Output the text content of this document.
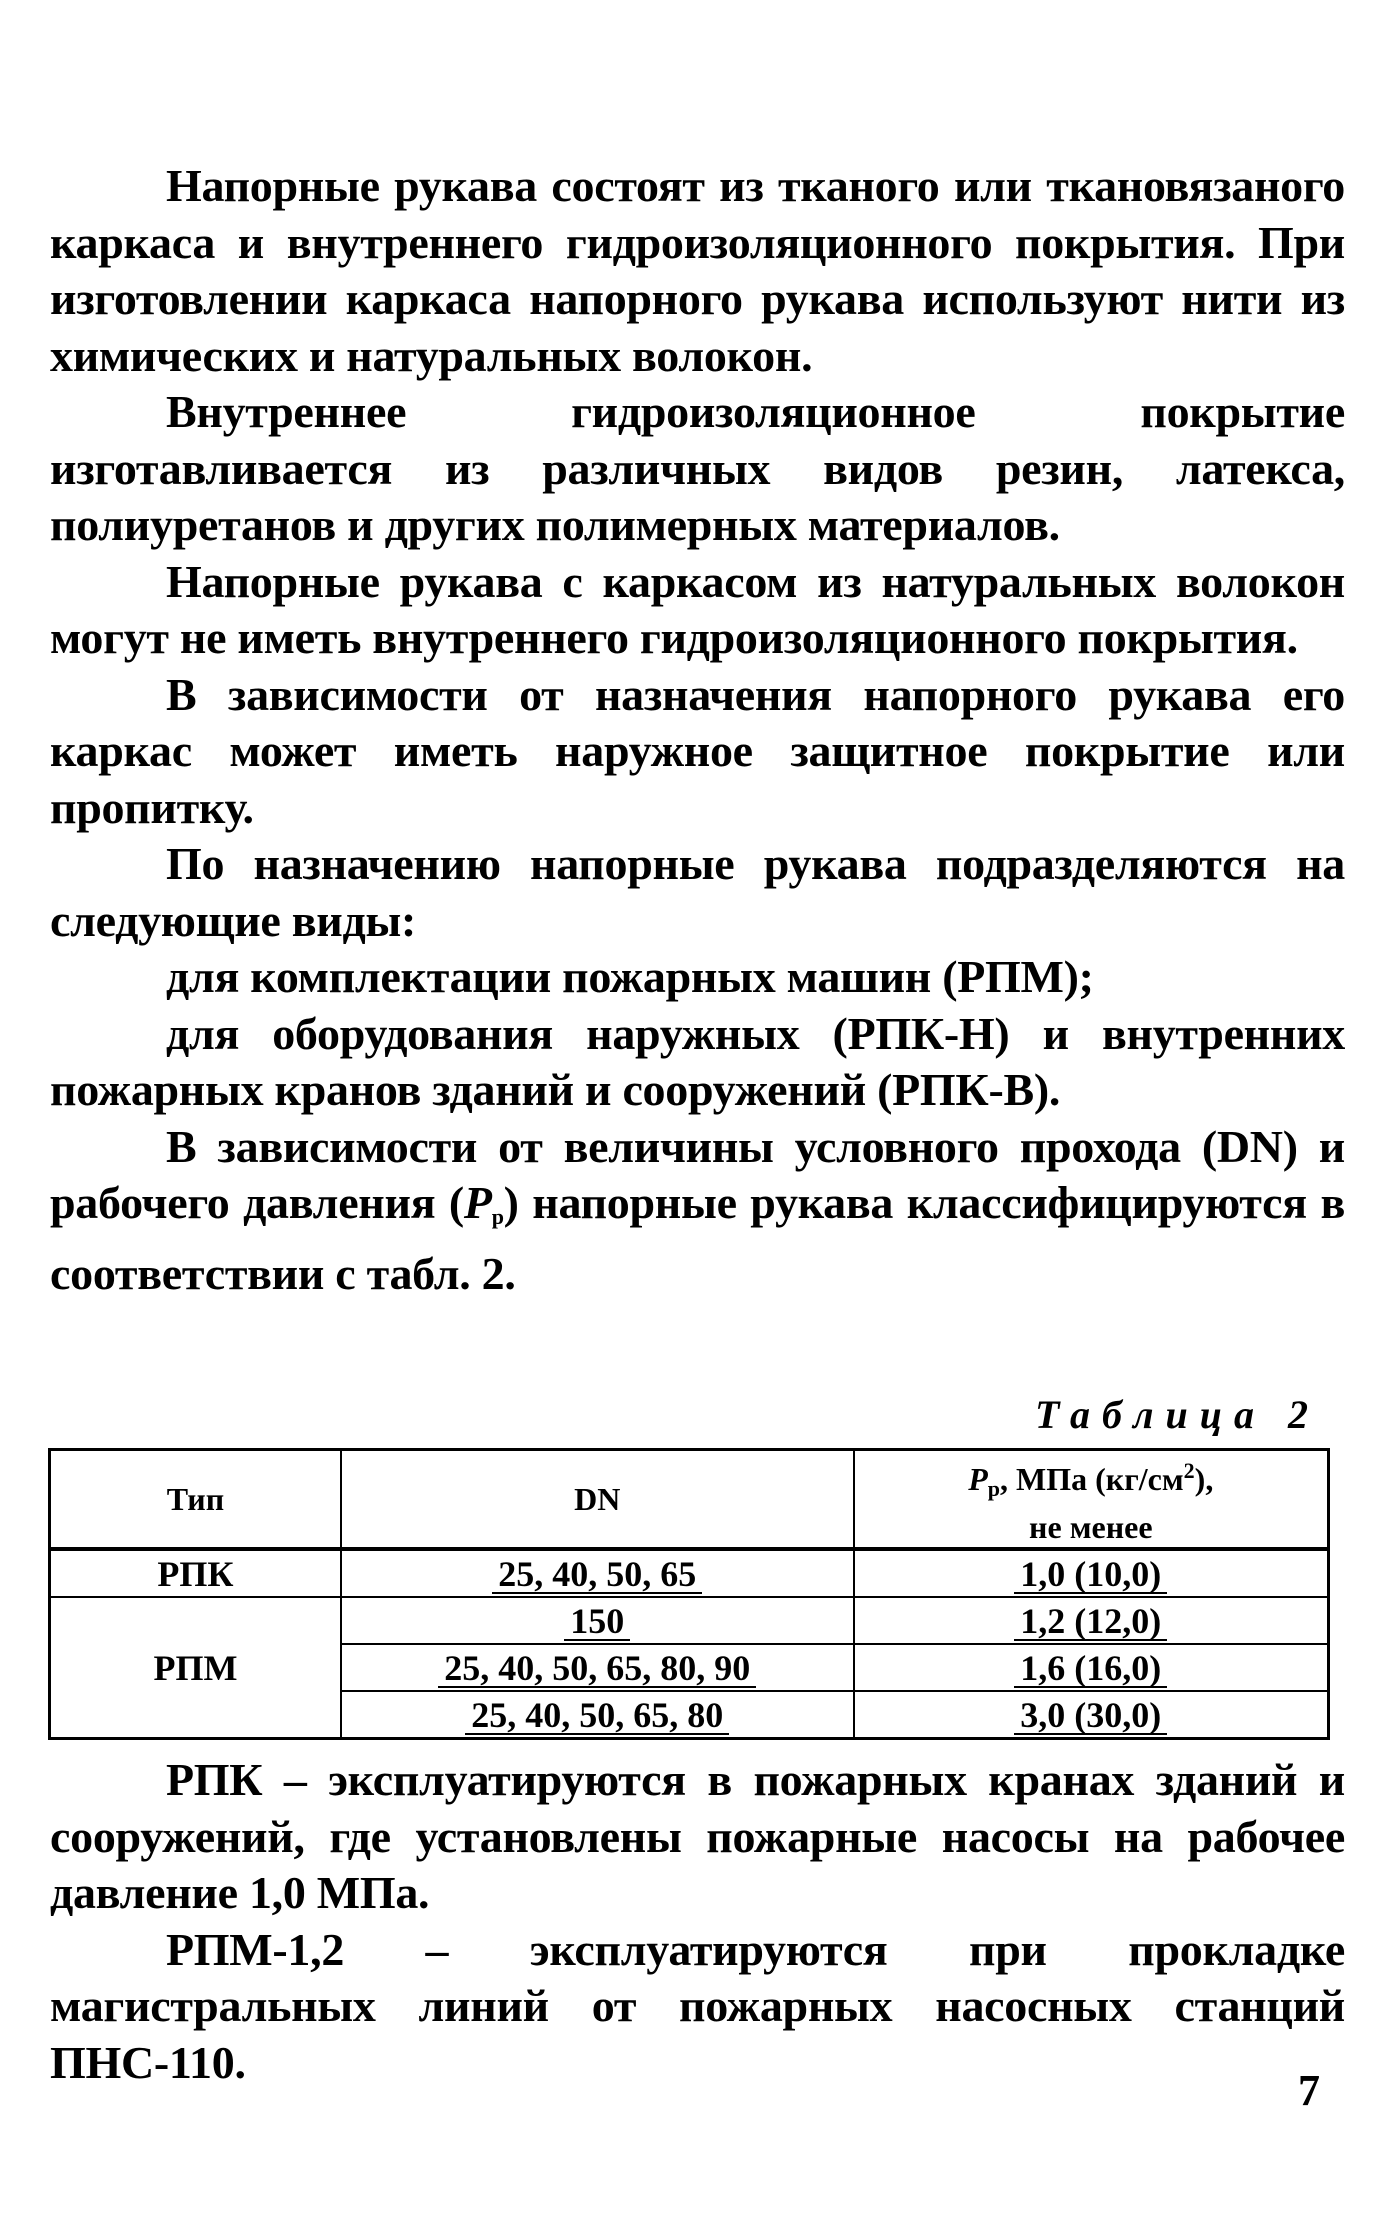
Напорные рукава состоят из тканого или ткановязаного каркаса и внутреннего гидроизоляционного покрытия. При изготовлении каркаса напорного рукава используют нити из химических и натуральных волокон.

Внутреннее гидроизоляционное покрытие изготавливается из различных видов резин, латекса, полиуретанов и других полимерных материалов.

Напорные рукава с каркасом из натуральных волокон могут не иметь внутреннего гидроизоляционного покрытия.

В зависимости от назначения напорного рукава его каркас может иметь наружное защитное покрытие или пропитку.

По назначению напорные рукава подразделяются на следующие виды:

для комплектации пожарных машин (РПМ);

для оборудования наружных (РПК-Н) и внутренних пожарных кранов зданий и сооружений (РПК-В).

В зависимости от величины условного прохода (DN) и рабочего давления $(P_р)$ напорные рукава классифицируются в соответствии с табл. 2.

Таблица 2
Тип	DN	$P_р$, МПа $(кг/см^2)$,
не менее
РПК	25, 40, 50, 65	1,0 (10,0)
РПМ	150	1,2 (12,0)
	25, 40, 50, 65, 80, 90	1,6 (16,0)
	25, 40, 50, 65, 80	3,0 (30,0)

РПК – эксплуатируются в пожарных кранах зданий и сооружений, где установлены пожарные насосы на рабочее давление 1,0 МПа.

РПМ-1,2 – эксплуатируются при прокладке магистральных линий от пожарных насосных станций ПНС-110.

7
